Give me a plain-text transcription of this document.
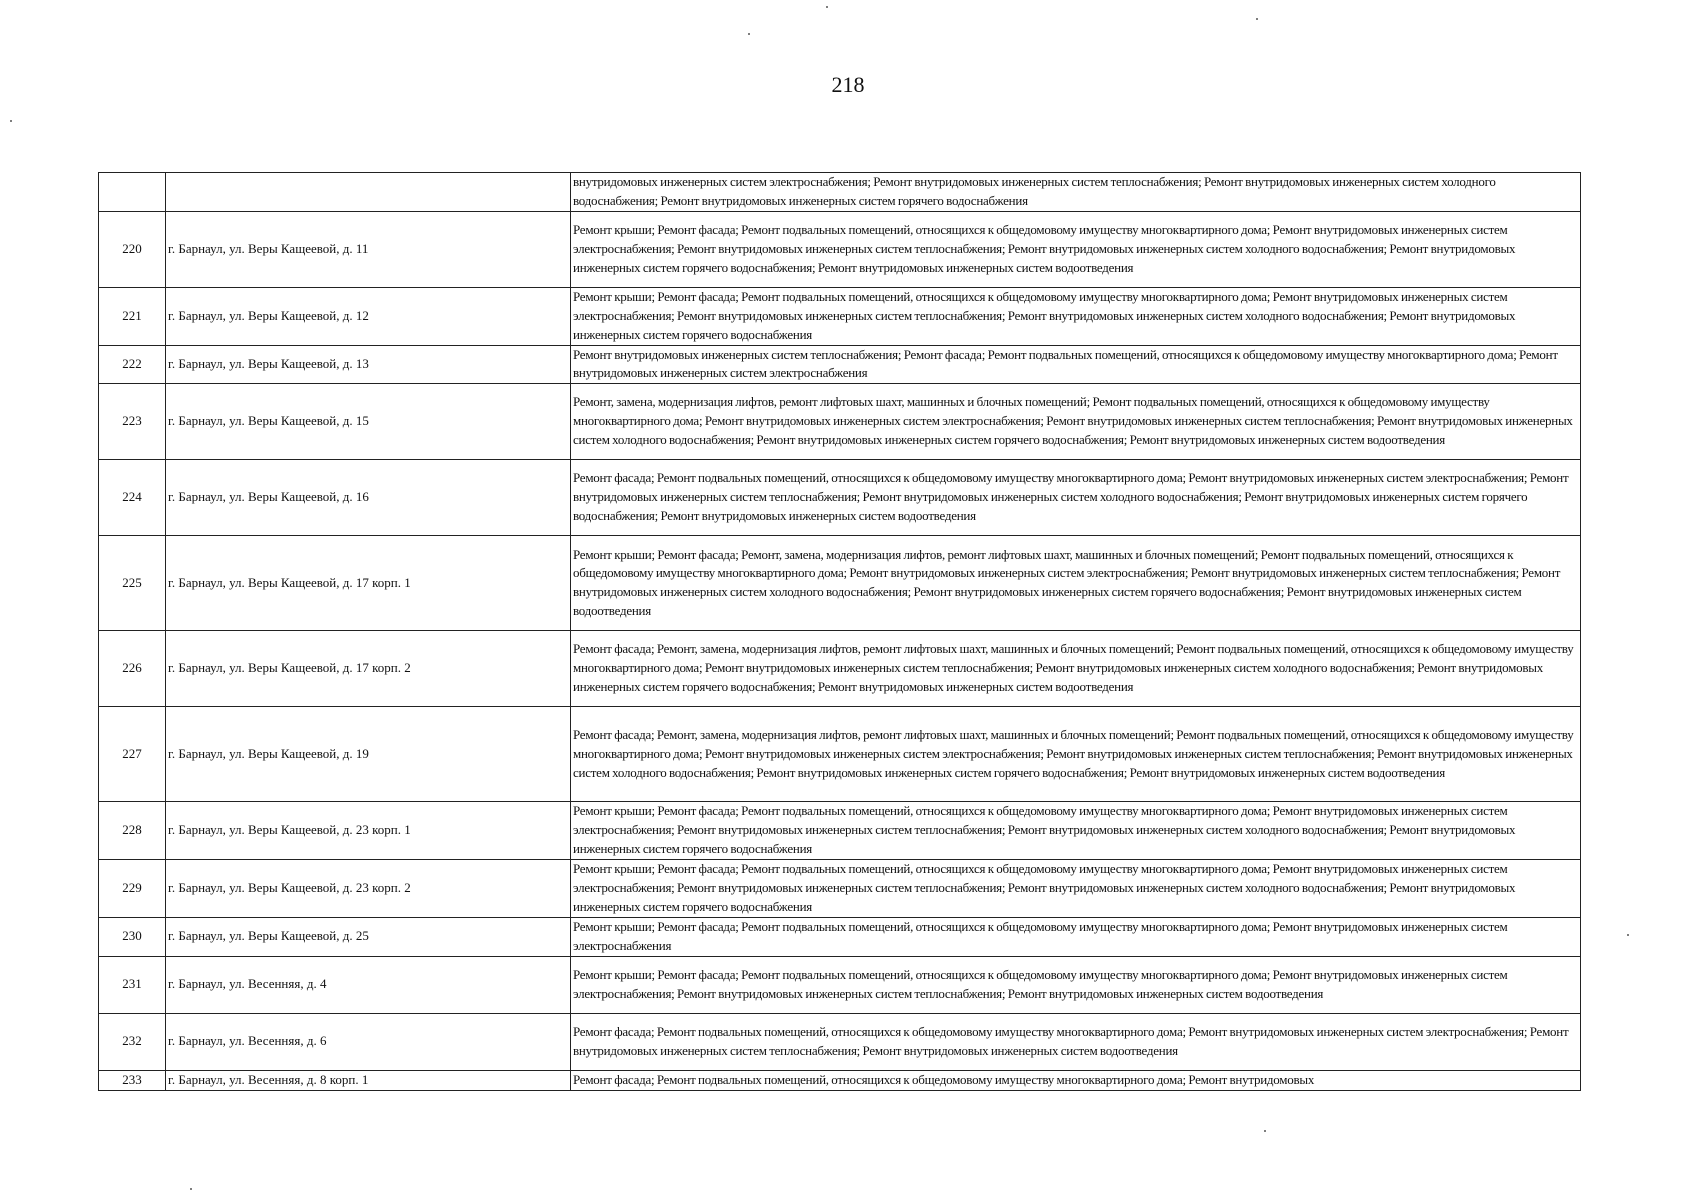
218
		внутридомовых инженерных систем электроснабжения; Ремонт внутридомовых инженерных систем теплоснабжения; Ремонт внутридомовых инженерных систем холодного водоснабжения; Ремонт внутридомовых инженерных систем горячего водоснабжения
220	г. Барнаул, ул. Веры Кащеевой, д. 11	Ремонт крыши; Ремонт фасада; Ремонт подвальных помещений, относящихся к общедомовому имуществу многоквартирного дома; Ремонт внутридомовых инженерных систем электроснабжения; Ремонт внутридомовых инженерных систем теплоснабжения; Ремонт внутридомовых инженерных систем холодного водоснабжения; Ремонт внутридомовых инженерных систем горячего водоснабжения; Ремонт внутридомовых инженерных систем водоотведения
221	г. Барнаул, ул. Веры Кащеевой, д. 12	Ремонт крыши; Ремонт фасада; Ремонт подвальных помещений, относящихся к общедомовому имуществу многоквартирного дома; Ремонт внутридомовых инженерных систем электроснабжения; Ремонт внутридомовых инженерных систем теплоснабжения; Ремонт внутридомовых инженерных систем холодного водоснабжения; Ремонт внутридомовых инженерных систем горячего водоснабжения
222	г. Барнаул, ул. Веры Кащеевой, д. 13	Ремонт внутридомовых инженерных систем теплоснабжения; Ремонт фасада; Ремонт подвальных помещений, относящихся к общедомовому имуществу многоквартирного дома; Ремонт внутридомовых инженерных систем электроснабжения
223	г. Барнаул, ул. Веры Кащеевой, д. 15	Ремонт, замена, модернизация лифтов, ремонт лифтовых шахт, машинных и блочных помещений; Ремонт подвальных помещений, относящихся к общедомовому имуществу многоквартирного дома; Ремонт внутридомовых инженерных систем электроснабжения; Ремонт внутридомовых инженерных систем теплоснабжения; Ремонт внутридомовых инженерных систем холодного водоснабжения; Ремонт внутридомовых инженерных систем горячего водоснабжения; Ремонт внутридомовых инженерных систем водоотведения
224	г. Барнаул, ул. Веры Кащеевой, д. 16	Ремонт фасада; Ремонт подвальных помещений, относящихся к общедомовому имуществу многоквартирного дома; Ремонт внутридомовых инженерных систем электроснабжения; Ремонт внутридомовых инженерных систем теплоснабжения; Ремонт внутридомовых инженерных систем холодного водоснабжения; Ремонт внутридомовых инженерных систем горячего водоснабжения; Ремонт внутридомовых инженерных систем водоотведения
225	г. Барнаул, ул. Веры Кащеевой, д. 17 корп. 1	Ремонт крыши; Ремонт фасада; Ремонт, замена, модернизация лифтов, ремонт лифтовых шахт, машинных и блочных помещений; Ремонт подвальных помещений, относящихся к общедомовому имуществу многоквартирного дома; Ремонт внутридомовых инженерных систем электроснабжения; Ремонт внутридомовых инженерных систем теплоснабжения; Ремонт внутридомовых инженерных систем холодного водоснабжения; Ремонт внутридомовых инженерных систем горячего водоснабжения; Ремонт внутридомовых инженерных систем водоотведения
226	г. Барнаул, ул. Веры Кащеевой, д. 17 корп. 2	Ремонт фасада; Ремонт, замена, модернизация лифтов, ремонт лифтовых шахт, машинных и блочных помещений; Ремонт подвальных помещений, относящихся к общедомовому имуществу многоквартирного дома; Ремонт внутридомовых инженерных систем теплоснабжения; Ремонт внутридомовых инженерных систем холодного водоснабжения; Ремонт внутридомовых инженерных систем горячего водоснабжения; Ремонт внутридомовых инженерных систем водоотведения
227	г. Барнаул, ул. Веры Кащеевой, д. 19	Ремонт фасада; Ремонт, замена, модернизация лифтов, ремонт лифтовых шахт, машинных и блочных помещений; Ремонт подвальных помещений, относящихся к общедомовому имуществу многоквартирного дома; Ремонт внутридомовых инженерных систем электроснабжения; Ремонт внутридомовых инженерных систем теплоснабжения; Ремонт внутридомовых инженерных систем холодного водоснабжения; Ремонт внутридомовых инженерных систем горячего водоснабжения; Ремонт внутридомовых инженерных систем водоотведения
228	г. Барнаул, ул. Веры Кащеевой, д. 23 корп. 1	Ремонт крыши; Ремонт фасада; Ремонт подвальных помещений, относящихся к общедомовому имуществу многоквартирного дома; Ремонт внутридомовых инженерных систем электроснабжения; Ремонт внутридомовых инженерных систем теплоснабжения; Ремонт внутридомовых инженерных систем холодного водоснабжения; Ремонт внутридомовых инженерных систем горячего водоснабжения
229	г. Барнаул, ул. Веры Кащеевой, д. 23 корп. 2	Ремонт крыши; Ремонт фасада; Ремонт подвальных помещений, относящихся к общедомовому имуществу многоквартирного дома; Ремонт внутридомовых инженерных систем электроснабжения; Ремонт внутридомовых инженерных систем теплоснабжения; Ремонт внутридомовых инженерных систем холодного водоснабжения; Ремонт внутридомовых инженерных систем горячего водоснабжения
230	г. Барнаул, ул. Веры Кащеевой, д. 25	Ремонт крыши; Ремонт фасада; Ремонт подвальных помещений, относящихся к общедомовому имуществу многоквартирного дома; Ремонт внутридомовых инженерных систем электроснабжения
231	г. Барнаул, ул. Весенняя, д. 4	Ремонт крыши; Ремонт фасада; Ремонт подвальных помещений, относящихся к общедомовому имуществу многоквартирного дома; Ремонт внутридомовых инженерных систем электроснабжения; Ремонт внутридомовых инженерных систем теплоснабжения; Ремонт внутридомовых инженерных систем водоотведения
232	г. Барнаул, ул. Весенняя, д. 6	Ремонт фасада; Ремонт подвальных помещений, относящихся к общедомовому имуществу многоквартирного дома; Ремонт внутридомовых инженерных систем электроснабжения; Ремонт внутридомовых инженерных систем теплоснабжения; Ремонт внутридомовых инженерных систем водоотведения
233	г. Барнаул, ул. Весенняя, д. 8 корп. 1	Ремонт фасада; Ремонт подвальных помещений, относящихся к общедомовому имуществу многоквартирного дома; Ремонт внутридомовых
